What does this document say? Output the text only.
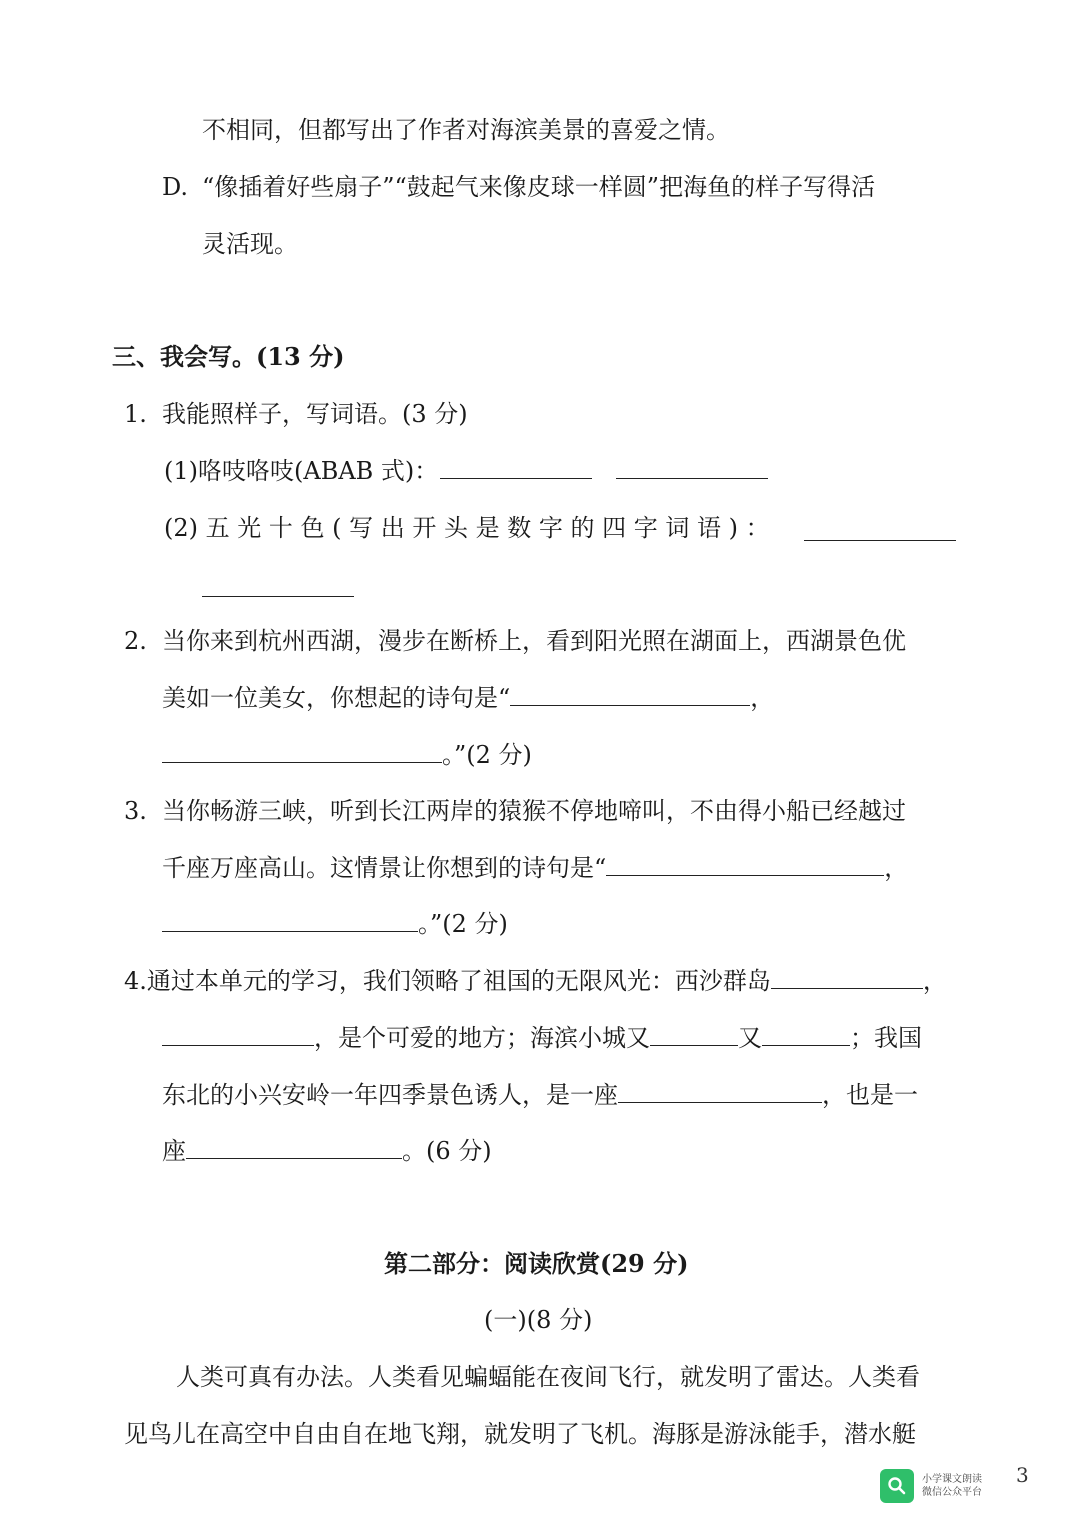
不相同，但都写出了作者对海滨美景的喜爱之情。
D. “像插着好些扇子”“鼓起气来像皮球一样圆”把海鱼的样子写得活
灵活现。
三、我会写。(13 分)
1. 我能照样子，写词语。(3 分)
(1)咯吱咯吱(ABAB 式)：
(2) 五 光 十 色 ( 写 出 开 头 是 数 字 的 四 字 词 语 ) ：
2. 当你来到杭州西湖，漫步在断桥上，看到阳光照在湖面上，西湖景色优
美如一位美女，你想起的诗句是“	，
。”(2 分)
3. 当你畅游三峡，听到长江两岸的猿猴不停地啼叫，不由得小船已经越过
千座万座高山。这情景让你想到的诗句是“	，
。”(2 分)
4.通过本单元的学习，我们领略了祖国的无限风光：西沙群岛	，
，是个可爱的地方；海滨小城又	又	；我国
东北的小兴安岭一年四季景色诱人，是一座	，也是一
座	。(6 分)
第二部分：阅读欣赏(29 分)
(一)(8 分)
人类可真有办法。人类看见蝙蝠能在夜间飞行，就发明了雷达。人类看
见鸟儿在高空中自由自在地飞翔，就发明了飞机。海豚是游泳能手，潜水艇
小学课文朗读
微信公众平台
3
